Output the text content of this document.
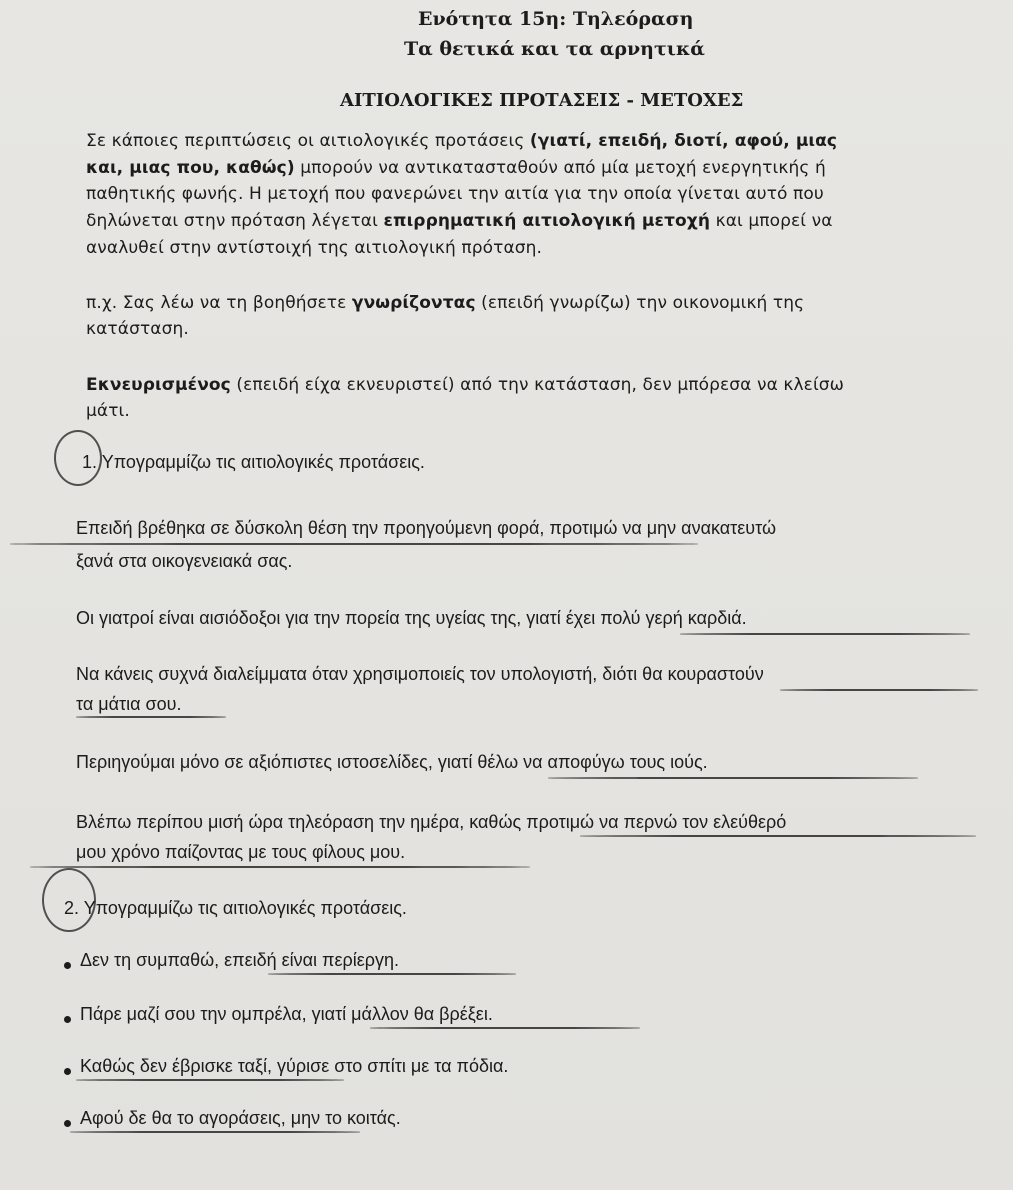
Ενότητα 15η: Τηλεόραση
Τα θετικά και τα αρνητικά
ΑΙΤΙΟΛΟΓΙΚΕΣ ΠΡΟΤΑΣΕΙΣ - ΜΕΤΟΧΕΣ
Σε κάποιες περιπτώσεις οι αιτιολογικές προτάσεις (γιατί, επειδή, διοτί, αφού, μιας
και, μιας που, καθώς) μπορούν να αντικατασταθούν από μία μετοχή ενεργητικής ή
παθητικής φωνής. Η μετοχή που φανερώνει την αιτία για την οποία γίνεται αυτό που
δηλώνεται στην πρόταση λέγεται επιρρηματική αιτιολογική μετοχή και μπορεί να
αναλυθεί στην αντίστοιχή της αιτιολογική πρόταση.
π.χ. Σας λέω να τη βοηθήσετε γνωρίζοντας (επειδή γνωρίζω) την οικονομική της
κατάσταση.
Εκνευρισμένος (επειδή είχα εκνευριστεί) από την κατάσταση, δεν μπόρεσα να κλείσω
μάτι.
1. Υπογραμμίζω τις αιτιολογικές προτάσεις.
Επειδή βρέθηκα σε δύσκολη θέση την προηγούμενη φορά, προτιμώ να μην ανακατευτώ
ξανά στα οικογενειακά σας.
Οι γιατροί είναι αισιόδοξοι για την πορεία της υγείας της, γιατί έχει πολύ γερή καρδιά.
Να κάνεις συχνά διαλείμματα όταν χρησιμοποιείς τον υπολογιστή, διότι θα κουραστούν
τα μάτια σου.
Περιηγούμαι μόνο σε αξιόπιστες ιστοσελίδες, γιατί θέλω να αποφύγω τους ιούς.
Βλέπω περίπου μισή ώρα τηλεόραση την ημέρα, καθώς προτιμώ να περνώ τον ελεύθερό
μου χρόνο παίζοντας με τους φίλους μου.
2. Υπογραμμίζω τις αιτιολογικές προτάσεις.
Δεν τη συμπαθώ, επειδή είναι περίεργη.
Πάρε μαζί σου την ομπρέλα, γιατί μάλλον θα βρέξει.
Καθώς δεν έβρισκε ταξί, γύρισε στο σπίτι με τα πόδια.
Αφού δε θα το αγοράσεις, μην το κοιτάς.
